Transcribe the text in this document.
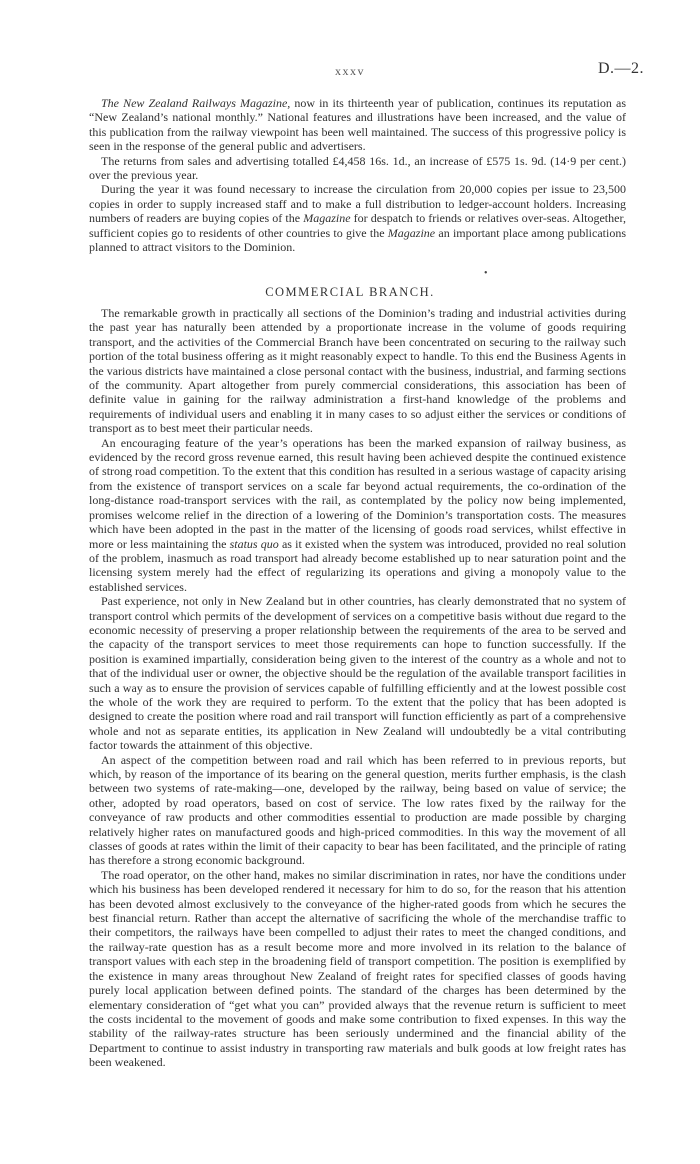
xxxv	D.—2.

The New Zealand Railways Magazine, now in its thirteenth year of publication, continues its reputation as “New Zealand’s national monthly.” National features and illustrations have been increased, and the value of this publication from the railway viewpoint has been well maintained. The success of this progressive policy is seen in the response of the general public and advertisers.

The returns from sales and advertising totalled £4,458 16s. 1d., an increase of £575 1s. 9d. (14·9 per cent.) over the previous year.

During the year it was found necessary to increase the circulation from 20,000 copies per issue to 23,500 copies in order to supply increased staff and to make a full distribution to ledger-account holders. Increasing numbers of readers are buying copies of the Magazine for despatch to friends or relatives over-seas. Altogether, sufficient copies go to residents of other countries to give the Magazine an important place among publications planned to attract visitors to the Dominion.

•
COMMERCIAL BRANCH.

The remarkable growth in practically all sections of the Dominion’s trading and industrial activities during the past year has naturally been attended by a proportionate increase in the volume of goods requiring transport, and the activities of the Commercial Branch have been concentrated on securing to the railway such portion of the total business offering as it might reasonably expect to handle. To this end the Business Agents in the various districts have maintained a close personal contact with the business, industrial, and farming sections of the community. Apart altogether from purely commercial considerations, this association has been of definite value in gaining for the railway administration a first-hand knowledge of the problems and requirements of individual users and enabling it in many cases to so adjust either the services or conditions of transport as to best meet their particular needs.

An encouraging feature of the year’s operations has been the marked expansion of railway business, as evidenced by the record gross revenue earned, this result having been achieved despite the continued existence of strong road competition. To the extent that this condition has resulted in a serious wastage of capacity arising from the existence of transport services on a scale far beyond actual requirements, the co-ordination of the long-distance road-transport services with the rail, as contemplated by the policy now being implemented, promises welcome relief in the direction of a lowering of the Dominion’s transportation costs. The measures which have been adopted in the past in the matter of the licensing of goods road services, whilst effective in more or less maintaining the status quo as it existed when the system was introduced, provided no real solution of the problem, inasmuch as road transport had already become established up to near saturation point and the licensing system merely had the effect of regularizing its operations and giving a monopoly value to the established services.

Past experience, not only in New Zealand but in other countries, has clearly demonstrated that no system of transport control which permits of the development of services on a competitive basis without due regard to the economic necessity of preserving a proper relationship between the requirements of the area to be served and the capacity of the transport services to meet those requirements can hope to function successfully. If the position is examined impartially, consideration being given to the interest of the country as a whole and not to that of the individual user or owner, the objective should be the regulation of the available transport facilities in such a way as to ensure the provision of services capable of fulfilling efficiently and at the lowest possible cost the whole of the work they are required to perform. To the extent that the policy that has been adopted is designed to create the position where road and rail transport will function efficiently as part of a comprehensive whole and not as separate entities, its application in New Zealand will undoubtedly be a vital contributing factor towards the attainment of this objective.

An aspect of the competition between road and rail which has been referred to in previous reports, but which, by reason of the importance of its bearing on the general question, merits further emphasis, is the clash between two systems of rate-making—one, developed by the railway, being based on value of service; the other, adopted by road operators, based on cost of service. The low rates fixed by the railway for the conveyance of raw products and other commodities essential to production are made possible by charging relatively higher rates on manufactured goods and high-priced commodities. In this way the movement of all classes of goods at rates within the limit of their capacity to bear has been facilitated, and the principle of rating has therefore a strong economic background.

The road operator, on the other hand, makes no similar discrimination in rates, nor have the conditions under which his business has been developed rendered it necessary for him to do so, for the reason that his attention has been devoted almost exclusively to the conveyance of the higher-rated goods from which he secures the best financial return. Rather than accept the alternative of sacrificing the whole of the merchandise traffic to their competitors, the railways have been compelled to adjust their rates to meet the changed conditions, and the railway-rate question has as a result become more and more involved in its relation to the balance of transport values with each step in the broadening field of transport competition. The position is exemplified by the existence in many areas throughout New Zealand of freight rates for specified classes of goods having purely local application between defined points. The standard of the charges has been determined by the elementary consideration of “get what you can” provided always that the revenue return is sufficient to meet the costs incidental to the movement of goods and make some contribution to fixed expenses. In this way the stability of the railway-rates structure has been seriously undermined and the financial ability of the Department to continue to assist industry in transporting raw materials and bulk goods at low freight rates has been weakened.
